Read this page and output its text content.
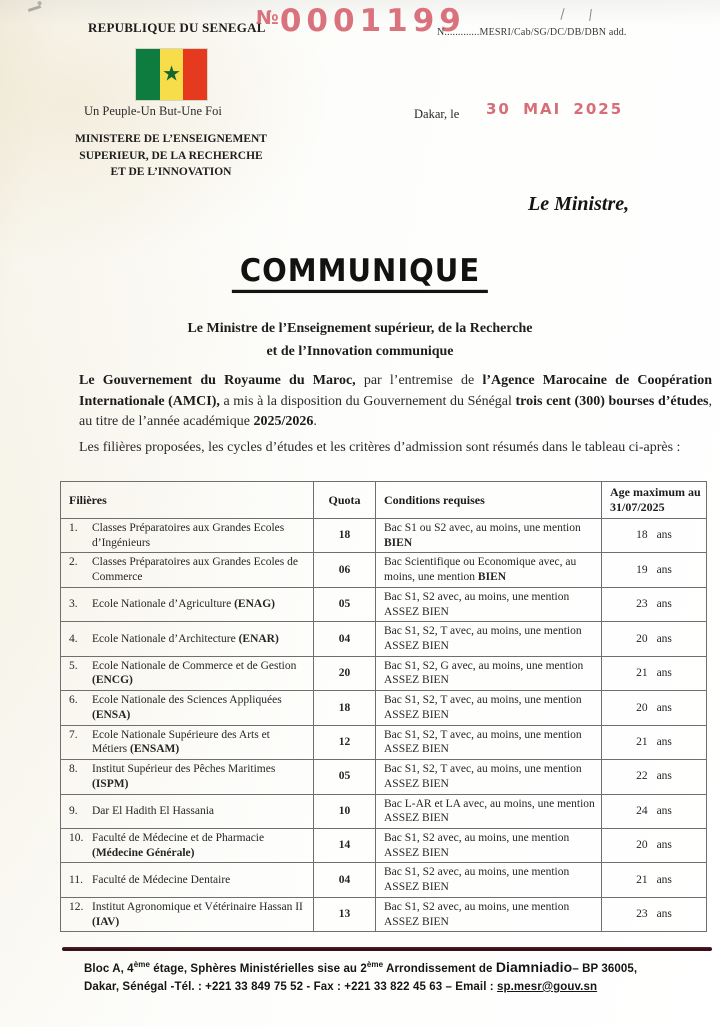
REPUBLIQUE DU SENEGAL
№0001199
N.............MESRI/Cab/SG/DC/DB/DBN add.
★
Un Peuple-Un But-Une Foi	Dakar, le 30 MAI 2025
MINISTERE DE L’ENSEIGNEMENT
SUPERIEUR, DE LA RECHERCHE
ET DE L’INNOVATION
Le Ministre,
COMMUNIQUE
Le Ministre de l’Enseignement supérieur, de la Recherche
et de l’Innovation communique
Le Gouvernement du Royaume du Maroc, par l’entremise de l’Agence Marocaine de Coopération Internationale (AMCI), a mis à la disposition du Gouvernement du Sénégal trois cent (300) bourses d’études, au titre de l’année académique 2025/2026.
Les filières proposées, les cycles d’études et les critères d’admission sont résumés dans le tableau ci-après :
Filières	Quota	Conditions requises	Age maximum au 31/07/2025

1. Classes Préparatoires aux Grandes Ecoles d’Ingénieurs	18	Bac S1 ou S2 avec, au moins, une mention BIEN	18 ans

2. Classes Préparatoires aux Grandes Ecoles de Commerce	06	Bac Scientifique ou Economique avec, au moins, une mention BIEN	19 ans

3. Ecole Nationale d’Agriculture (ENAG)	05	Bac S1, S2 avec, au moins, une mention ASSEZ BIEN	23 ans

4. Ecole Nationale d’Architecture (ENAR)	04	Bac S1, S2, T avec, au moins, une mention ASSEZ BIEN	20 ans

5. Ecole Nationale de Commerce et de Gestion (ENCG)	20	Bac S1, S2, G avec, au moins, une mention ASSEZ BIEN	21 ans

6. Ecole Nationale des Sciences Appliquées (ENSA)	18	Bac S1, S2, T avec, au moins, une mention ASSEZ BIEN	20 ans

7. Ecole Nationale Supérieure des Arts et Métiers (ENSAM)	12	Bac S1, S2, T avec, au moins, une mention ASSEZ BIEN	21 ans

8. Institut Supérieur des Pêches Maritimes (ISPM)	05	Bac S1, S2, T avec, au moins, une mention ASSEZ BIEN	22 ans

9. Dar El Hadith El Hassania	10	Bac L-AR et LA avec, au moins, une mention ASSEZ BIEN	24 ans

10. Faculté de Médecine et de Pharmacie (Médecine Générale)	14	Bac S1, S2 avec, au moins, une mention ASSEZ BIEN	20 ans

11. Faculté de Médecine Dentaire	04	Bac S1, S2 avec, au moins, une mention ASSEZ BIEN	21 ans

12. Institut Agronomique et Vétérinaire Hassan II (IAV)	13	Bac S1, S2 avec, au moins, une mention ASSEZ BIEN	23 ans
Bloc A, 4ème étage, Sphères Ministérielles sise au 2ème Arrondissement de Diamniadio– BP 36005,
Dakar, Sénégal -Tél. : +221 33 849 75 52 - Fax : +221 33 822 45 63 – Email : sp.mesr@gouv.sn
